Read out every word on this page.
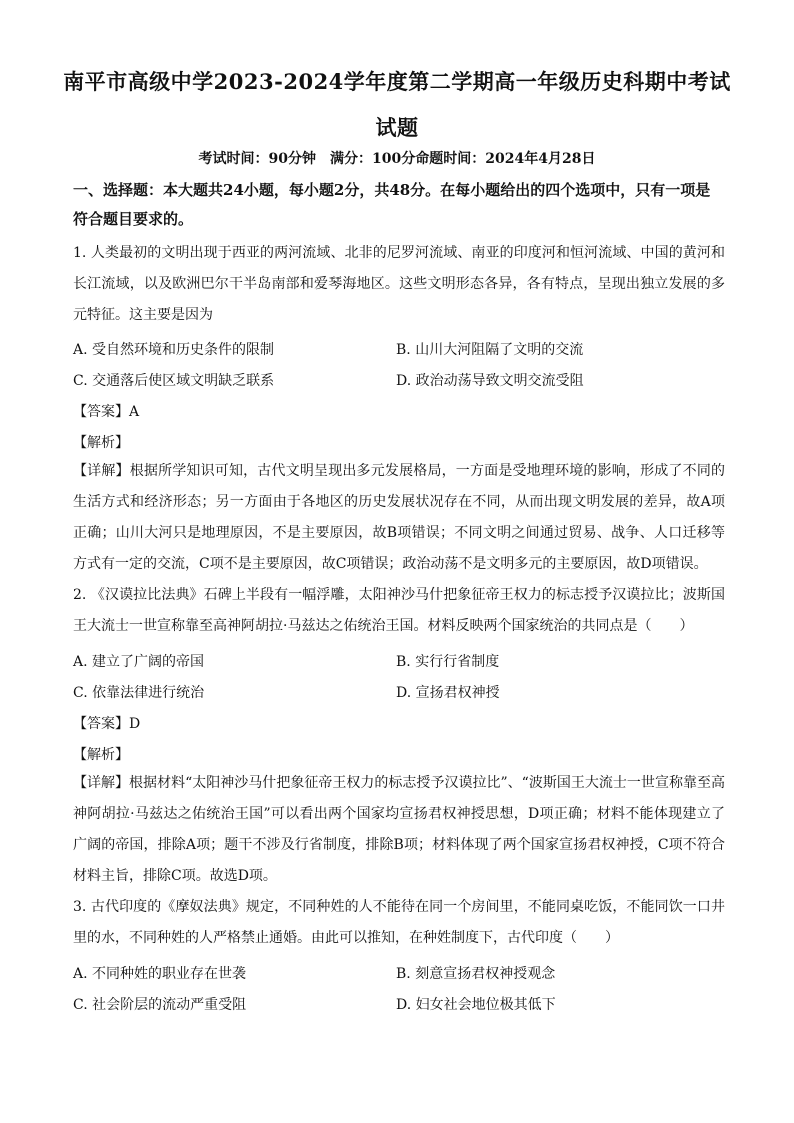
南平市高级中学2023-2024学年度第二学期高一年级历史科期中考试
试题
考试时间：90分钟　满分：100分命题时间：2024年4月28日
一、选择题：本大题共24小题，每小题2分，共48分。在每小题给出的四个选项中，只有一项是符合题目要求的。
1. 人类最初的文明出现于西亚的两河流域、北非的尼罗河流域、南亚的印度河和恒河流域、中国的黄河和长江流域，以及欧洲巴尔干半岛南部和爱琴海地区。这些文明形态各异，各有特点，呈现出独立发展的多元特征。这主要是因为
A. 受自然环境和历史条件的限制	B. 山川大河阻隔了文明的交流
C. 交通落后使区域文明缺乏联系	D. 政治动荡导致文明交流受阻
【答案】A
【解析】
【详解】根据所学知识可知，古代文明呈现出多元发展格局，一方面是受地理环境的影响，形成了不同的生活方式和经济形态；另一方面由于各地区的历史发展状况存在不同，从而出现文明发展的差异，故A项正确；山川大河只是地理原因，不是主要原因，故B项错误；不同文明之间通过贸易、战争、人口迁移等方式有一定的交流，C项不是主要原因，故C项错误；政治动荡不是文明多元的主要原因，故D项错误。
2. 《汉谟拉比法典》石碑上半段有一幅浮雕，太阳神沙马什把象征帝王权力的标志授予汉谟拉比；波斯国王大流士一世宣称靠至高神阿胡拉·马兹达之佑统治王国。材料反映两个国家统治的共同点是（　　）
A. 建立了广阔的帝国	B. 实行行省制度
C. 依靠法律进行统治	D. 宣扬君权神授
【答案】D
【解析】
【详解】根据材料“太阳神沙马什把象征帝王权力的标志授予汉谟拉比”、“波斯国王大流士一世宣称靠至高神阿胡拉·马兹达之佑统治王国”可以看出两个国家均宣扬君权神授思想，D项正确；材料不能体现建立了广阔的帝国，排除A项；题干不涉及行省制度，排除B项；材料体现了两个国家宣扬君权神授，C项不符合材料主旨，排除C项。故选D项。
3. 古代印度的《摩奴法典》规定，不同种姓的人不能待在同一个房间里，不能同桌吃饭，不能同饮一口井里的水，不同种姓的人严格禁止通婚。由此可以推知，在种姓制度下，古代印度（　　）
A. 不同种姓的职业存在世袭	B. 刻意宣扬君权神授观念
C. 社会阶层的流动严重受阻	D. 妇女社会地位极其低下
